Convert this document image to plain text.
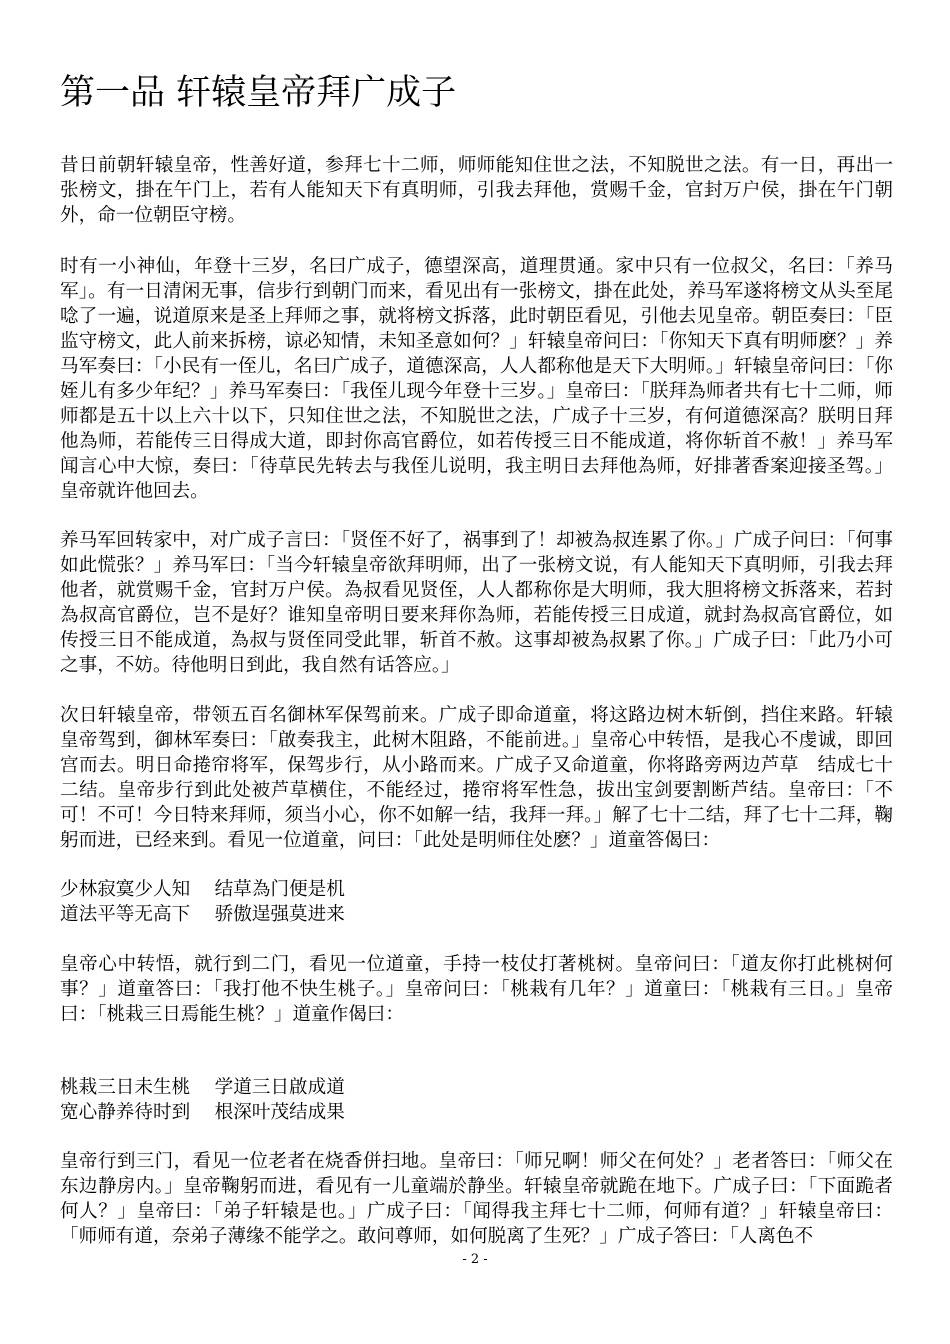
第一品 轩辕皇帝拜广成子

昔日前朝轩辕皇帝，性善好道，参拜七十二师，师师能知住世之法，不知脱世之法。有一日，再出一张榜文，掛在午门上，若有人能知天下有真明师，引我去拜他，赏赐千金，官封万户侯，掛在午门朝外，命一位朝臣守榜。

时有一小神仙，年登十三岁，名曰广成子，德望深高，道理贯通。家中只有一位叔父，名曰：「养马军」。有一日清闲无事，信步行到朝门而来，看见出有一张榜文，掛在此处，养马军遂将榜文从头至尾唸了一遍，说道原来是圣上拜师之事，就将榜文拆落，此时朝臣看见，引他去见皇帝。朝臣奏曰：「臣监守榜文，此人前来拆榜，谅必知情，未知圣意如何？」轩辕皇帝问曰：「你知天下真有明师麽？」养马军奏曰：「小民有一侄儿，名曰广成子，道德深高，人人都称他是天下大明师。」轩辕皇帝问曰：「你姪儿有多少年纪？」养马军奏曰：「我侄儿现今年登十三岁。」皇帝曰：「朕拜為师者共有七十二师，师师都是五十以上六十以下，只知住世之法，不知脱世之法，广成子十三岁，有何道德深高？朕明日拜他為师，若能传三日得成大道，即封你高官爵位，如若传授三日不能成道，将你斩首不赦！」养马军闻言心中大惊，奏曰：「待草民先转去与我侄儿说明，我主明日去拜他為师，好排著香案迎接圣驾。」皇帝就许他回去。

养马军回转家中，对广成子言曰：「贤侄不好了，祸事到了！却被為叔连累了你。」广成子问曰：「何事如此慌张？」养马军曰：「当今轩辕皇帝欲拜明师，出了一张榜文说，有人能知天下真明师，引我去拜他者，就赏赐千金，官封万户侯。為叔看见贤侄，人人都称你是大明师，我大胆将榜文拆落来，若封為叔高官爵位，岂不是好？谁知皇帝明日要来拜你為师，若能传授三日成道，就封為叔高官爵位，如传授三日不能成道，為叔与贤侄同受此罪，斩首不赦。这事却被為叔累了你。」广成子曰：「此乃小可之事，不妨。待他明日到此，我自然有话答应。」

次日轩辕皇帝，带领五百名御林军保驾前来。广成子即命道童，将这路边树木斩倒，挡住来路。轩辕皇帝驾到，御林军奏曰：「啟奏我主，此树木阻路，不能前进。」皇帝心中转悟，是我心不虔诚，即回宫而去。明日命捲帘将军，保驾步行，从小路而来。广成子又命道童，你将路旁两边芦草　结成七十二结。皇帝步行到此处被芦草横住，不能经过，捲帘将军性急，拔出宝剑要割断芦结。皇帝曰：「不可！不可！今日特来拜师，须当小心，你不如解一结，我拜一拜。」解了七十二结，拜了七十二拜，鞠躬而进，已经来到。看见一位道童，问曰：「此处是明师住处麽？」道童答偈曰：

少林寂寞少人知　 结草為门便是机
道法平等无高下　 骄傲逞强莫进来

皇帝心中转悟，就行到二门，看见一位道童，手持一枝仗打著桃树。皇帝问曰：「道友你打此桃树何事？」道童答曰：「我打他不快生桃子。」皇帝问曰：「桃栽有几年？」道童曰：「桃栽有三日。」皇帝曰：「桃栽三日焉能生桃？」道童作偈曰：

桃栽三日未生桃　 学道三日啟成道
宽心静养待时到　 根深叶茂结成果

皇帝行到三门，看见一位老者在烧香併扫地。皇帝曰：「师兄啊！师父在何处？」老者答曰：「师父在东边静房内。」皇帝鞠躬而进，看见有一儿童端於静坐。轩辕皇帝就跪在地下。广成子曰：「下面跪者何人？」皇帝曰：「弟子轩辕是也。」广成子曰：「闻得我主拜七十二师，何师有道？」轩辕皇帝曰：「师师有道，奈弟子薄缘不能学之。敢问尊师，如何脱离了生死？」广成子答曰：「人离色不

- 2 -
